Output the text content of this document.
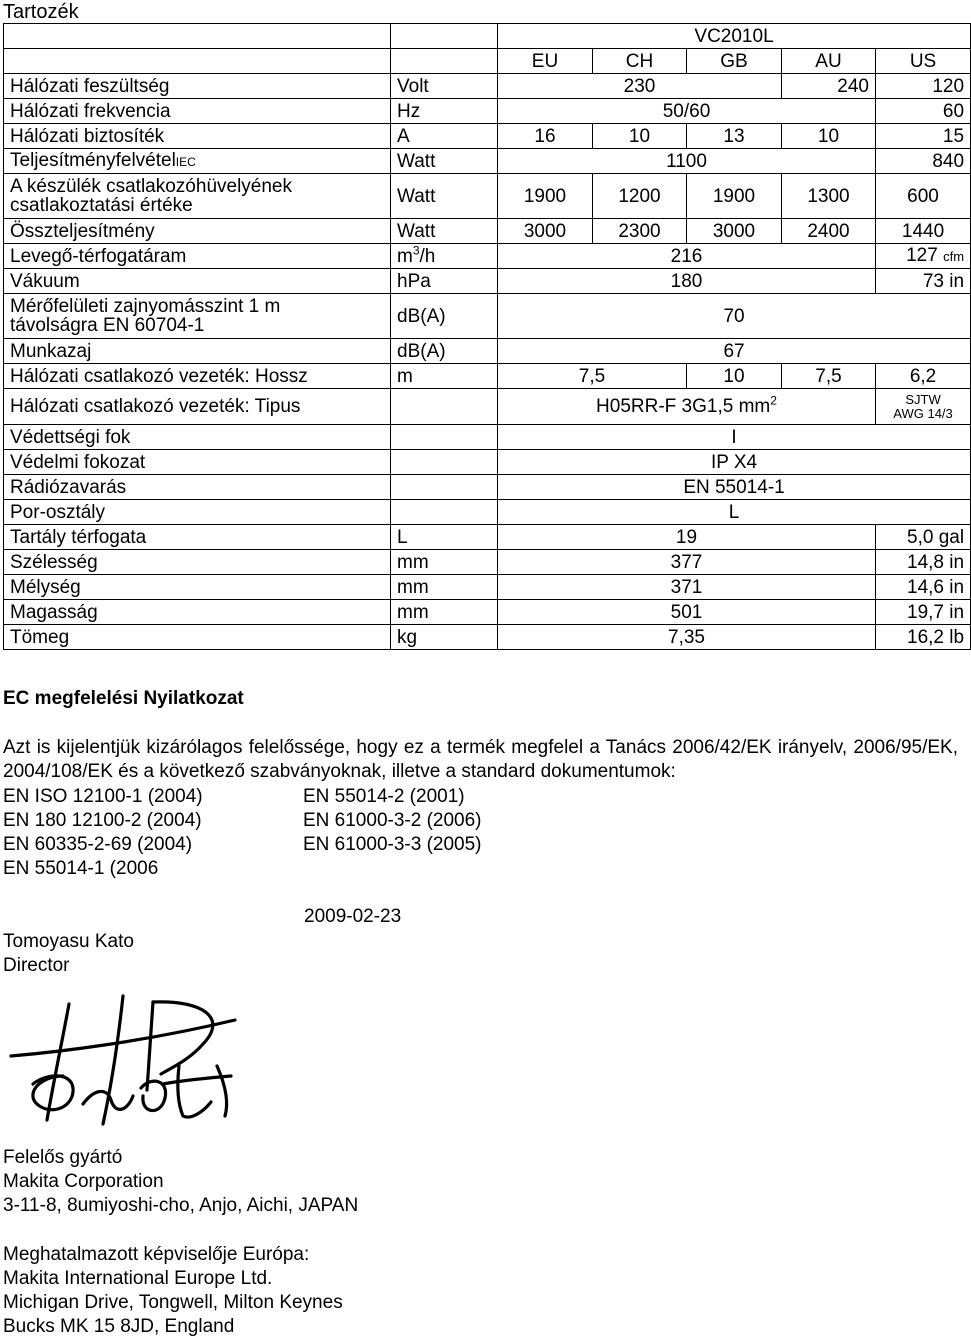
Tartozék
		VC2010L				
		EU	CH	GB	AU	US
Hálózati feszültség	Volt	230			240	120
Hálózati frekvencia	Hz	50/60				60
Hálózati biztosíték	A	16	10	13	10	15
TeljesítményfelvételIEC	Watt	1100				840

A készülék csatlakozóhüvelyének
csatlakoztatási értéke	Watt	1900	1200	1900	1300	600
Összteljesítmény	Watt	3000	2300	3000	2400	1440
Levegő-térfogatáram	$m^3/h$	216				127 cfm
Vákuum	hPa	180				73 in

Mérőfelületi zajnyomásszint 1 m
távolságra EN 60704-1	dB(A)	70				
Munkazaj	dB(A)	67				
Hálózati csatlakozó vezeték: Hossz	m	7,5		10	7,5	6,2
Hálózati csatlakozó vezeték: Tipus		H05RR-F 3G1,5 $mm^2$				SJTW
AWG 14/3

Védettségi fok		I				
Védelmi fokozat		IP X4				
Rádiózavarás		EN 55014-1				
Por-osztály		L				
Tartály térfogata	L	19				5,0 gal
Szélesség	mm	377				14,8 in
Mélység	mm	371				14,6 in
Magasság	mm	501				19,7 in
Tömeg	kg	7,35				16,2 lb
EC megfelelési Nyilatkozat
Azt is kijelentjük kizárólagos felelőssége, hogy ez a termék megfelel a Tanács 2006/42/EK irányelv, 2006/95/EK, 2004/108/EK és a következő szabványoknak, illetve a standard dokumentumok:
EN ISO 12100-1 (2004)
EN 180 12100-2 (2004)
EN 60335-2-69 (2004)
EN 55014-1 (2006
EN 55014-2 (2001)
EN 61000-3-2 (2006)
EN 61000-3-3 (2005)
2009-02-23
Tomoyasu Kato
Director
Felelős gyártó
Makita Corporation
3-11-8, 8umiyoshi-cho, Anjo, Aichi, JAPAN
Meghatalmazott képviselője Európa:
Makita International Europe Ltd.
Michigan Drive, Tongwell, Milton Keynes
Bucks MK 15 8JD, England
